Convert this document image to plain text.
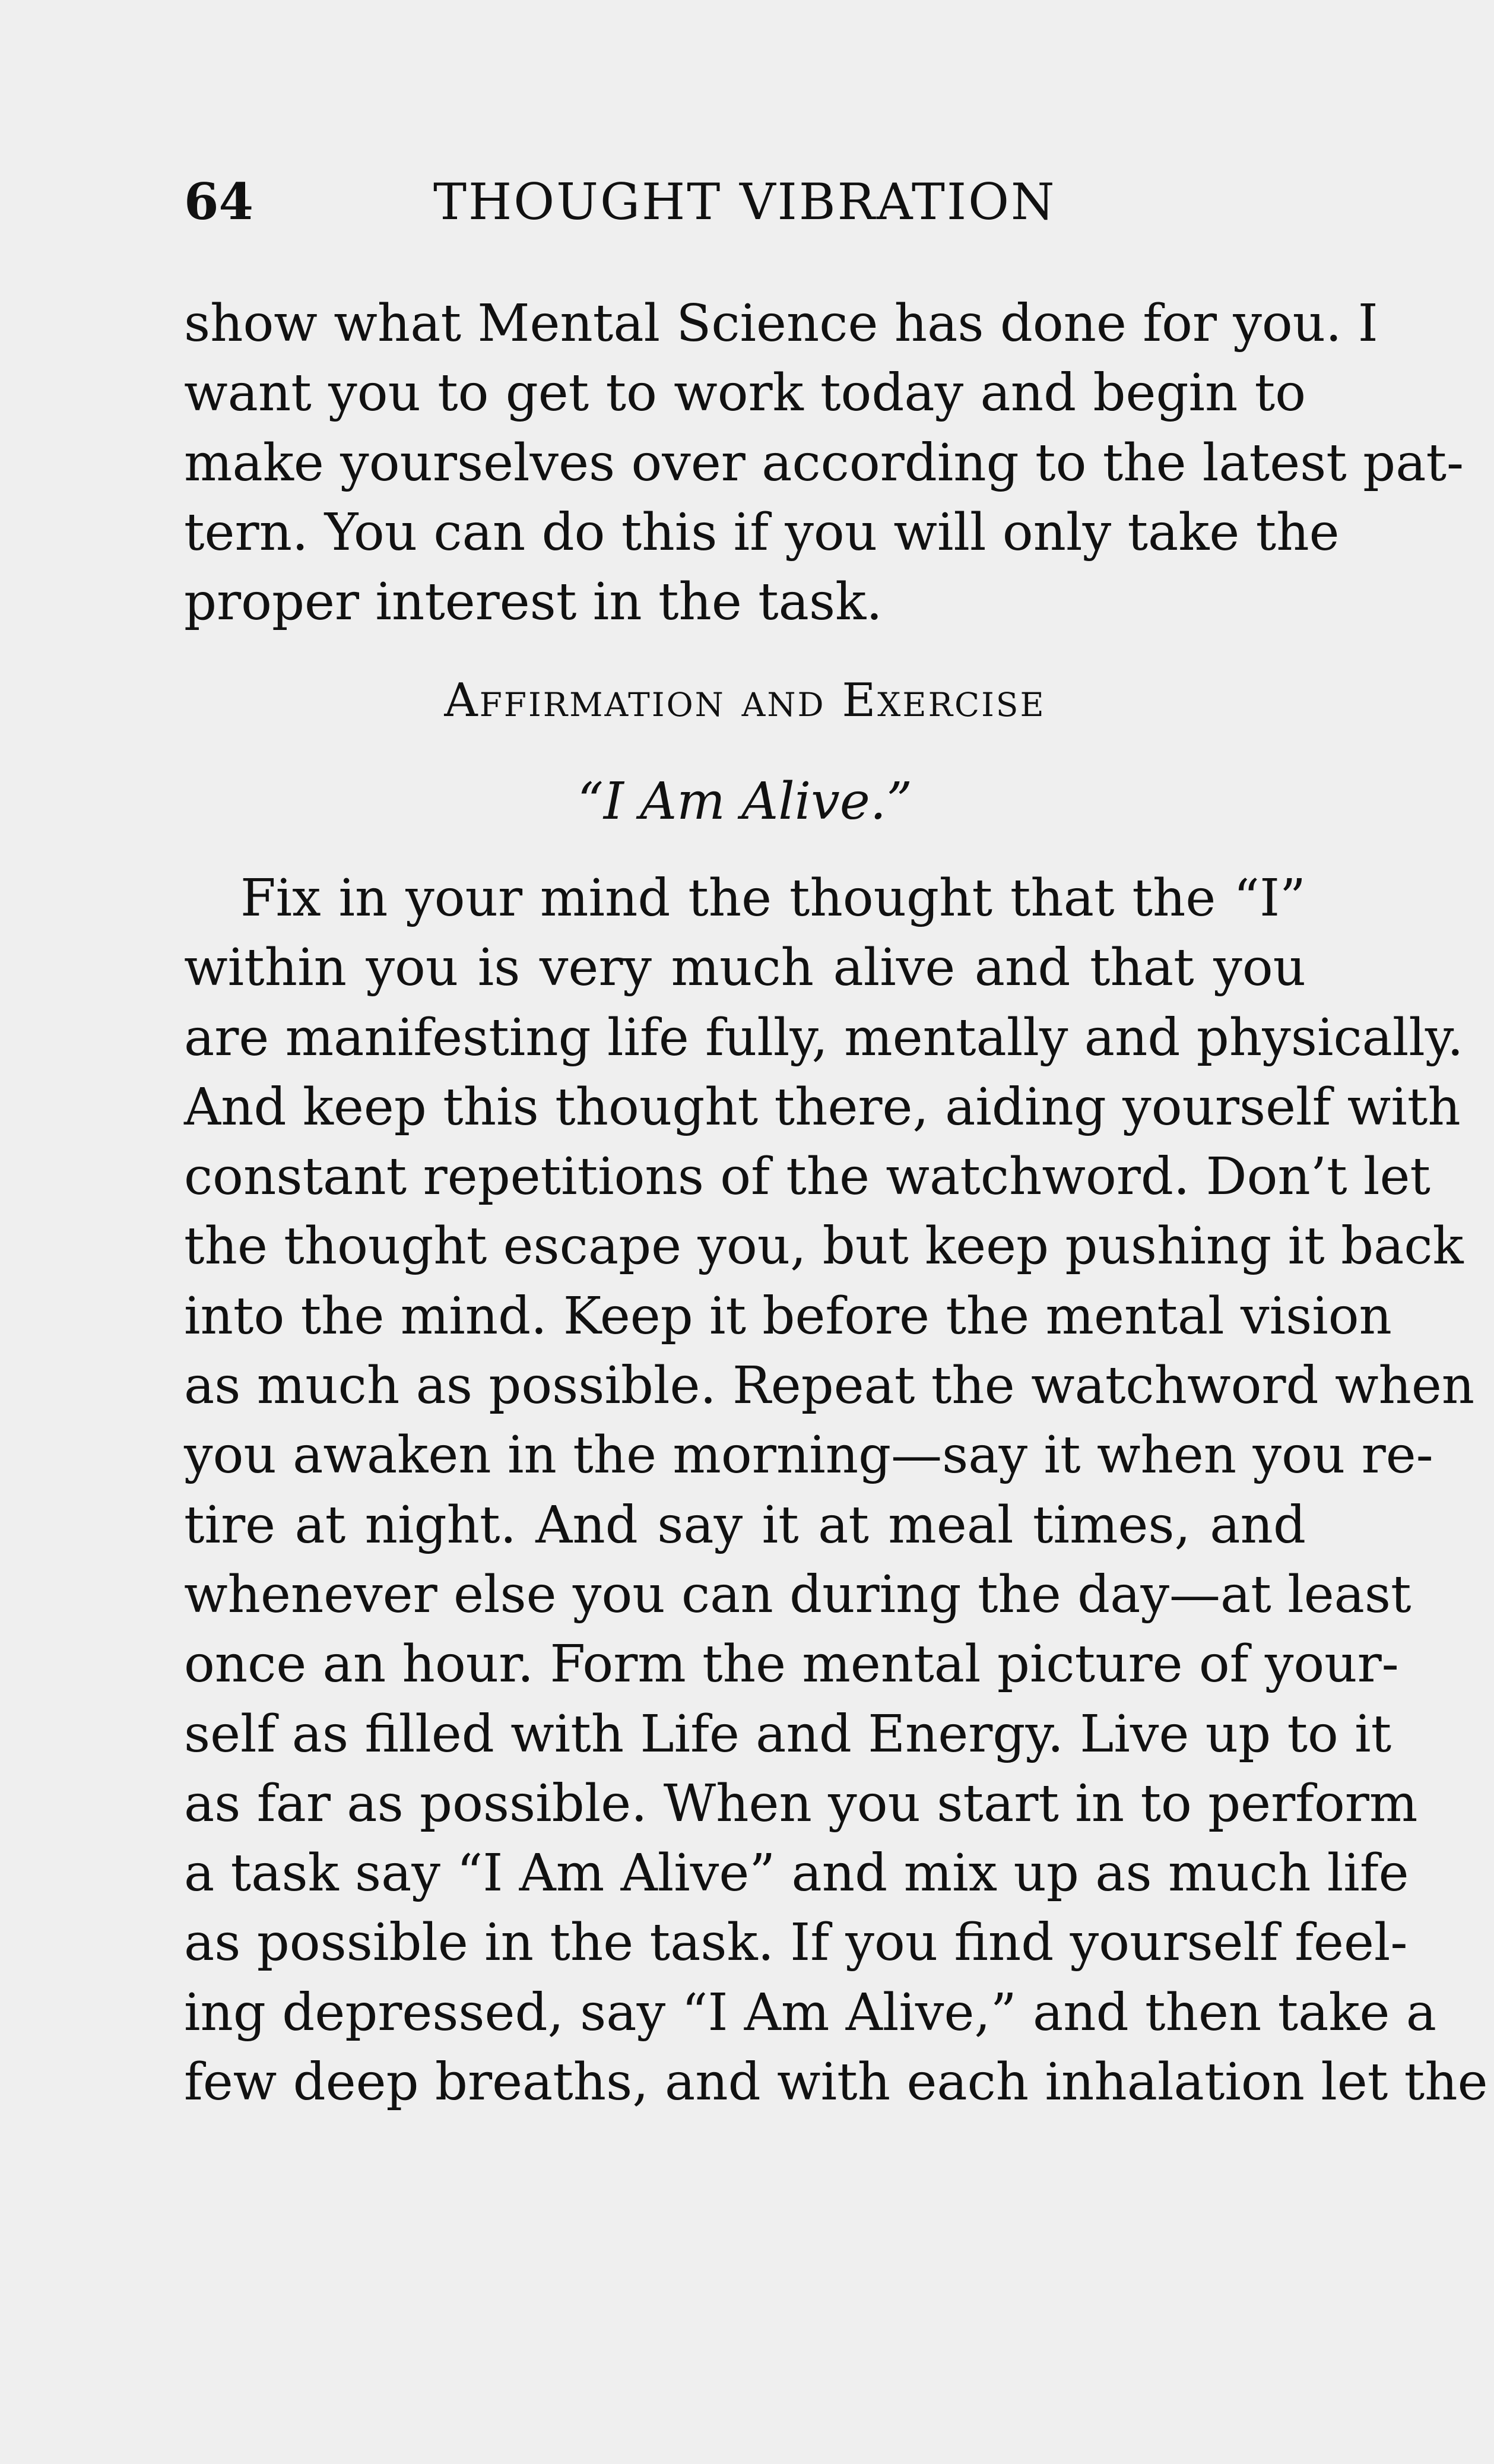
64	THOUGHT VIBRATION
show what Mental Science has done for you. I
want you to get to work today and begin to
make yourselves over according to the latest pat-
tern. You can do this if you will only take the
proper interest in the task.
Affirmation and Exercise
“I Am Alive.”
Fix in your mind the thought that the “I”
within you is very much alive and that you
are manifesting life fully, mentally and physically.
And keep this thought there, aiding yourself with
constant repetitions of the watchword. Don’t let
the thought escape you, but keep pushing it back
into the mind. Keep it before the mental vision
as much as possible. Repeat the watchword when
you awaken in the morning—say it when you re-
tire at night. And say it at meal times, and
whenever else you can during the day—at least
once an hour. Form the mental picture of your-
self as filled with Life and Energy. Live up to it
as far as possible. When you start in to perform
a task say “I Am Alive” and mix up as much life
as possible in the task. If you find yourself feel-
ing depressed, say “I Am Alive,” and then take a
few deep breaths, and with each inhalation let the
